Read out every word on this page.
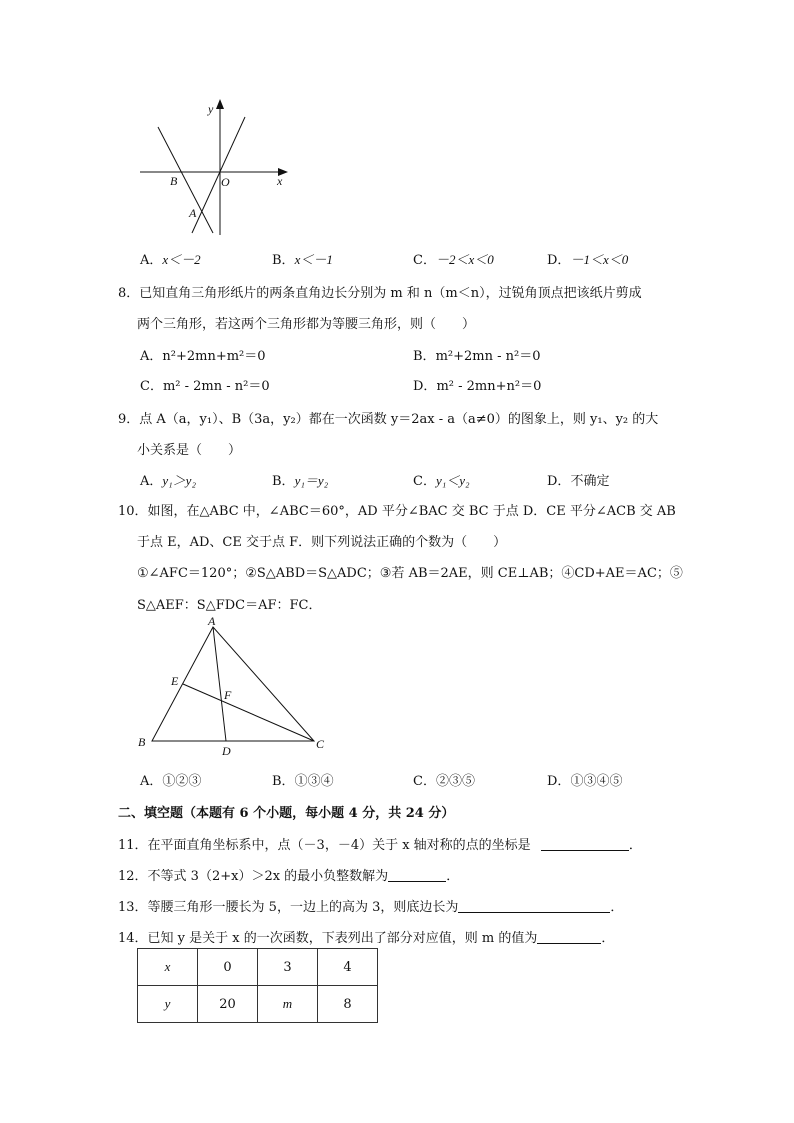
y
x
O
B
A
A．x＜－2	B．x＜－1	C．－2＜x＜0	D．－1＜x＜0
8．已知直角三角形纸片的两条直角边长分别为 m 和 n（m＜n），过锐角顶点把该纸片剪成
两个三角形，若这两个三角形都为等腰三角形，则（　　）
A．n²+2mn+m²＝0	B．m²+2mn - n²＝0
C．m² - 2mn - n²＝0	D．m² - 2mn+n²＝0
9．点 A（a，y₁）、B（3a，y₂）都在一次函数 y＝2ax - a（a≠0）的图象上，则 y₁、y₂ 的大
小关系是（　　）
A．y₁＞y₂	B．y₁＝y₂	C．y₁＜y₂	D．不确定
10．如图，在△ABC 中，∠ABC＝60°，AD 平分∠BAC 交 BC 于点 D．CE 平分∠ACB 交 AB
于点 E，AD、CE 交于点 F．则下列说法正确的个数为（　　）
①∠AFC＝120°；②S△ABD＝S△ADC；③若 AB＝2AE，则 CE⊥AB；④CD+AE＝AC；⑤
S△AEF：S△FDC＝AF：FC．
A
B	C
D
E
F
A．①②③	B．①③④	C．②③⑤	D．①③④⑤
二、填空题（本题有 6 个小题，每小题 4 分，共 24 分）
11．在平面直角坐标系中，点（－3，－4）关于 x 轴对称的点的坐标是	．
12．不等式 3（2+x）＞2x 的最小负整数解为	．
13．等腰三角形一腰长为 5，一边上的高为 3，则底边长为	．
14．已知 y 是关于 x 的一次函数，下表列出了部分对应值，则 m 的值为	．
x	0	3	4
y	20	m	8
